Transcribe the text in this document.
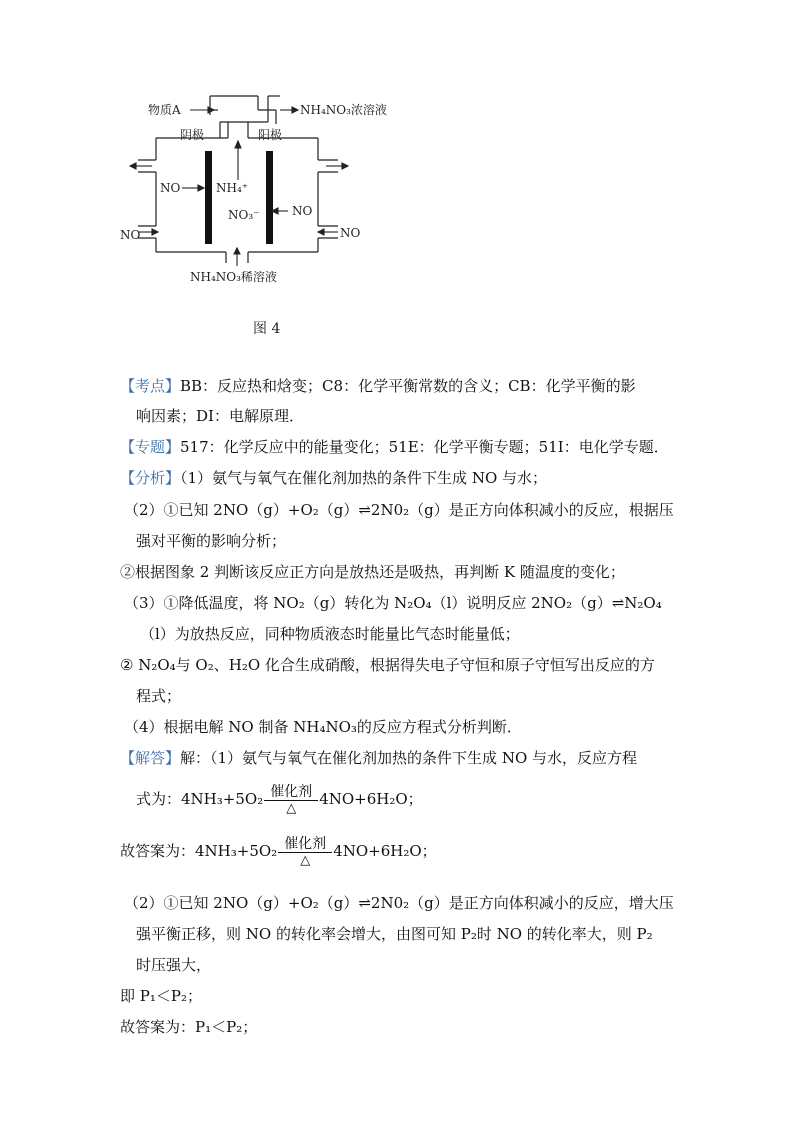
物质A	NH₄NO₃浓溶液
阴极	阳极
NO	NH₄⁺
NO₃⁻	NO
NO	NO
NH₄NO₃稀溶液
图 4
【考点】BB：反应热和焓变；C8：化学平衡常数的含义；CB：化学平衡的影
响因素；DI：电解原理．
【专题】517：化学反应中的能量变化；51E：化学平衡专题；51I：电化学专题．
【分析】（1）氨气与氧气在催化剂加热的条件下生成 NO 与水；
（2）①已知 2NO（g）+O₂（g）⇌2N0₂（g）是正方向体积减小的反应，根据压
强对平衡的影响分析；
②根据图象 2 判断该反应正方向是放热还是吸热，再判断 K 随温度的变化；
（3）①降低温度，将 NO₂（g）转化为 N₂O₄（l）说明反应 2NO₂（g）⇌N₂O₄
（l）为放热反应，同种物质液态时能量比气态时能量低；
② N₂O₄与 O₂、H₂O 化合生成硝酸，根据得失电子守恒和原子守恒写出反应的方
程式；
（4）根据电解 NO 制备 NH₄NO₃的反应方程式分析判断．
【解答】解：（1）氨气与氧气在催化剂加热的条件下生成 NO 与水，反应方程
式为：$4NH_3+5O_2 \frac{\text{催化剂}}{\triangle} 4NO+6H_2O$；
故答案为：$4NH_3+5O_2 \frac{\text{催化剂}}{\triangle} 4NO+6H_2O$；
（2）①已知 2NO（g）+O₂（g）⇌2N0₂（g）是正方向体积减小的反应，增大压
强平衡正移，则 NO 的转化率会增大，由图可知 P₂时 NO 的转化率大，则 P₂
时压强大，
即 P₁＜P₂；
故答案为：P₁＜P₂；
